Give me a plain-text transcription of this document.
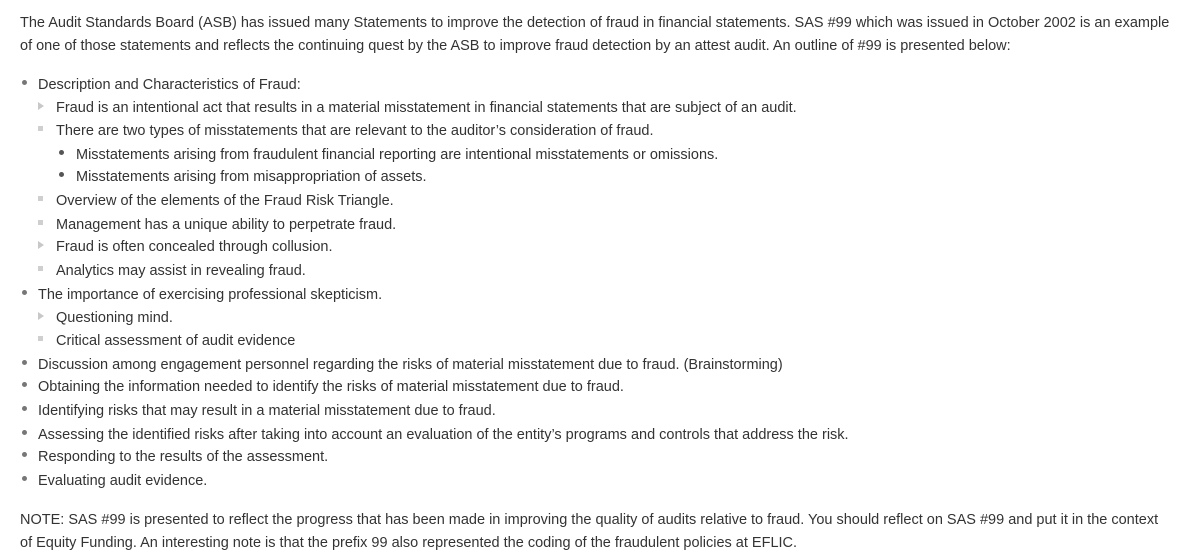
The Audit Standards Board (ASB) has issued many Statements to improve the detection of fraud in financial statements. SAS #99 which was issued in October 2002 is an example of one of those statements and reflects the continuing quest by the ASB to improve fraud detection by an attest audit. An outline of #99 is presented below:

Description and Characteristics of Fraud:
Fraud is an intentional act that results in a material misstatement in financial statements that are subject of an audit.
There are two types of misstatements that are relevant to the auditor’s consideration of fraud.
Misstatements arising from fraudulent financial reporting are intentional misstatements or omissions.
Misstatements arising from misappropriation of assets.
Overview of the elements of the Fraud Risk Triangle.
Management has a unique ability to perpetrate fraud.
Fraud is often concealed through collusion.
Analytics may assist in revealing fraud.
The importance of exercising professional skepticism.
Questioning mind.
Critical assessment of audit evidence
Discussion among engagement personnel regarding the risks of material misstatement due to fraud. (Brainstorming)
Obtaining the information needed to identify the risks of material misstatement due to fraud.
Identifying risks that may result in a material misstatement due to fraud.
Assessing the identified risks after taking into account an evaluation of the entity’s programs and controls that address the risk.
Responding to the results of the assessment.
Evaluating audit evidence.

NOTE: SAS #99 is presented to reflect the progress that has been made in improving the quality of audits relative to fraud. You should reflect on SAS #99 and put it in the context of Equity Funding. An interesting note is that the prefix 99 also represented the coding of the fraudulent policies at EFLIC.
